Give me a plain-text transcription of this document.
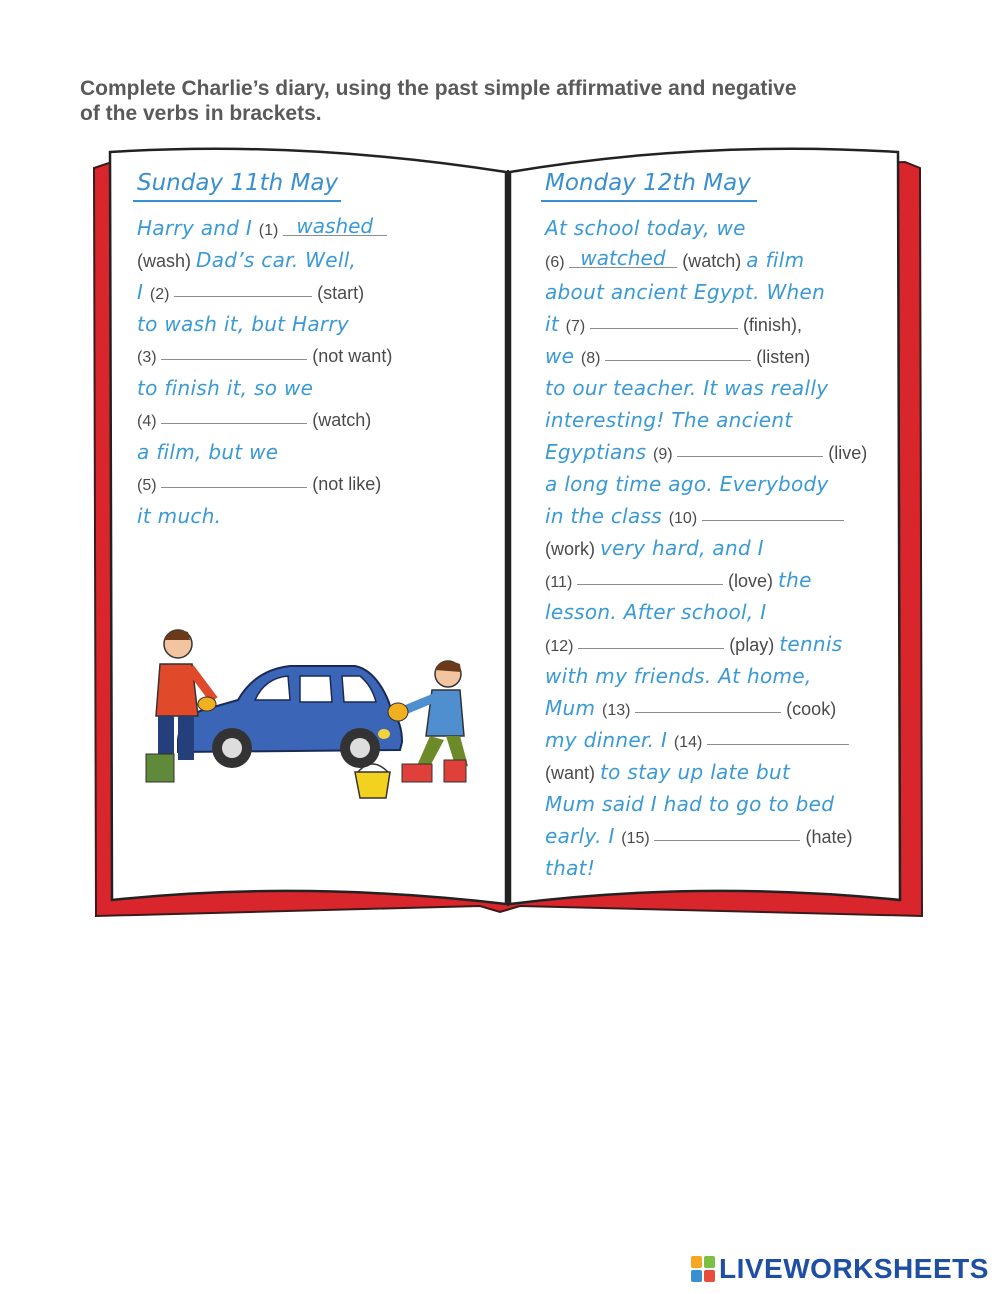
Complete Charlie’s diary, using the past simple affirmative and negative
of the verbs in brackets.
Sunday 11th May
Harry and I (1) washed
(wash) Dad’s car. Well,
I (2)	(start)
to wash it, but Harry
(3)	(not want)
to finish it, so we
(4)	(watch)
a film, but we
(5)	(not like)
it much.
Monday 12th May
At school today, we
(6) watched (watch) a film
about ancient Egypt. When
it (7)	(finish),
we (8)	(listen)
to our teacher. It was really
interesting! The ancient
Egyptians (9)	(live)
a long time ago. Everybody
in the class (10)
(work) very hard, and I
(11)	(love) the
lesson. After school, I
(12)	(play) tennis
with my friends. At home,
Mum (13)	(cook)
my dinner. I (14)
(want) to stay up late but
Mum said I had to go to bed
early. I (15)	(hate)
that!
LIVEWORKSHEETS
